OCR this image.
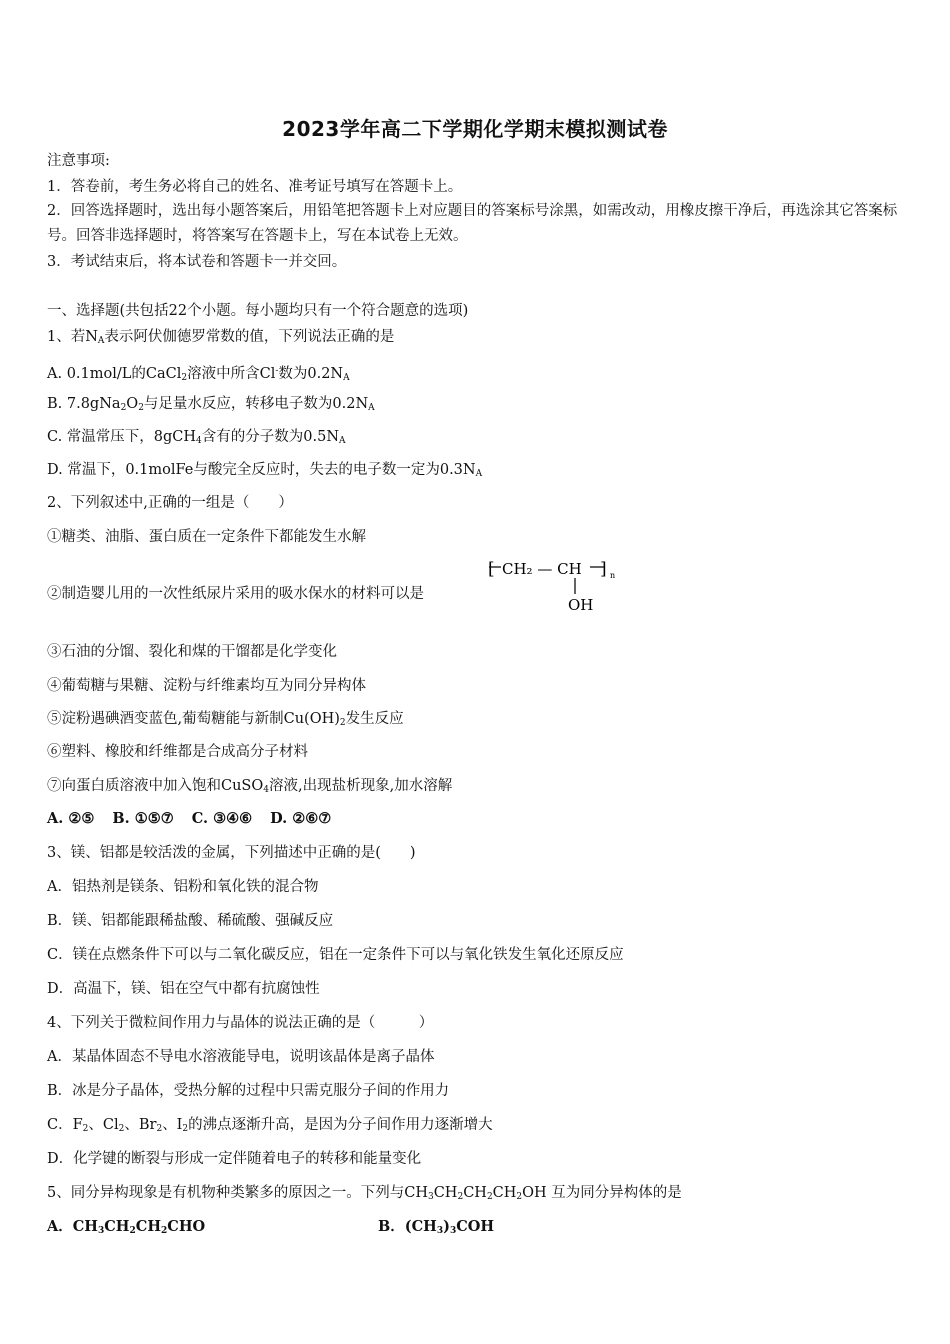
2023学年高二下学期化学期末模拟测试卷
注意事项:
1．答卷前，考生务必将自己的姓名、准考证号填写在答题卡上。
2．回答选择题时，选出每小题答案后，用铅笔把答题卡上对应题目的答案标号涂黑，如需改动，用橡皮擦干净后，再选涂其它答案标号。回答非选择题时，将答案写在答题卡上，写在本试卷上无效。
3．考试结束后，将本试卷和答题卡一并交回。
一、选择题(共包括22个小题。每小题均只有一个符合题意的选项)
1、若$N_A$表示阿伏伽德罗常数的值，下列说法正确的是
A. 0.1mol/L的CaCl$_2$溶液中所含Cl-数为$0.2N_A$
B. $7.8gNa_2O_2$与足量水反应，转移电子数为$0.2N_A$
C. 常温常压下，8gCH$_4$含有的分子数为$0.5N_A$
D. 常温下，0.1molFe与酸完全反应时，失去的电子数一定为$0.3N_A$
2、下列叙述中,正确的一组是（　　）
①糖类、油脂、蛋白质在一定条件下都能发生水解
②制造婴儿用的一次性纸尿片采用的吸水保水的材料可以是
[ CH₂ — CH ] n
OH
③石油的分馏、裂化和煤的干馏都是化学变化
④葡萄糖与果糖、淀粉与纤维素均互为同分异构体
⑤淀粉遇碘酒变蓝色,葡萄糖能与新制$Cu(OH)_2$发生反应
⑥塑料、橡胶和纤维都是合成高分子材料
⑦向蛋白质溶液中加入饱和CuSO$_4$溶液,出现盐析现象,加水溶解
A. ②⑤ B. ①⑤⑦ C. ③④⑥ D. ②⑥⑦
3、镁、铝都是较活泼的金属，下列描述中正确的是(　　)
A．铝热剂是镁条、铝粉和氧化铁的混合物
B．镁、铝都能跟稀盐酸、稀硫酸、强碱反应
C．镁在点燃条件下可以与二氧化碳反应，铝在一定条件下可以与氧化铁发生氧化还原反应
D．高温下，镁、铝在空气中都有抗腐蚀性
4、下列关于微粒间作用力与晶体的说法正确的是（　　　）
A．某晶体固态不导电水溶液能导电，说明该晶体是离子晶体
B．冰是分子晶体，受热分解的过程中只需克服分子间的作用力
C．$F_2$、$Cl_2$、$Br_2$、$I_2$的沸点逐渐升高，是因为分子间作用力逐渐增大
D．化学键的断裂与形成一定伴随着电子的转移和能量变化
5、同分异构现象是有机物种类繁多的原因之一。下列与$CH_3CH_2CH_2CH_2OH$ 互为同分异构体的是
A．$CH_3CH_2CH_2CHO$	B．$(CH_3)_3COH$
